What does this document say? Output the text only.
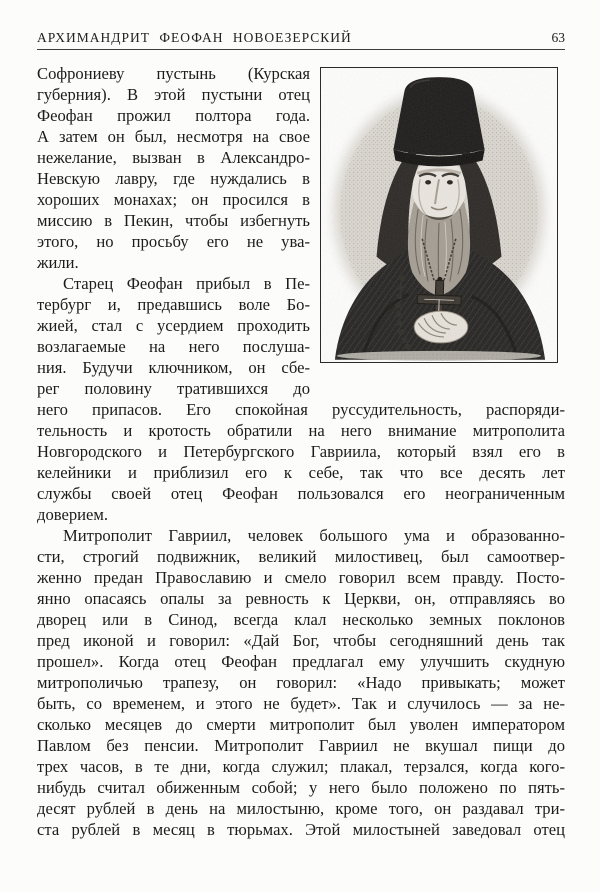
АРХИМАНДРИТ ФЕОФАН НОВОЕЗЕРСКИЙ	63
Софрониеву пустынь (Курская
губерния). В этой пустыни отец
Феофан прожил полтора года.
А затем он был, несмотря на свое
нежелание, вызван в Александро-
Невскую лавру, где нуждались в
хороших монахах; он просился в
миссию в Пекин, чтобы избегнуть
этого, но просьбу его не ува-
жили.
Старец Феофан прибыл в Пе-
тербург и, предавшись воле Бо-
жией, стал с усердием проходить
возлагаемые на него послуша-
ния. Будучи ключником, он сбе-
рег половину тратившихся до
него припасов. Его спокойная руссудительность, распоряди-
тельность и кротость обратили на него внимание митрополита
Новгородского и Петербургского Гавриила, который взял его в
келейники и приблизил его к себе, так что все десять лет
службы своей отец Феофан пользовался его неограниченным
доверием.
Митрополит Гавриил, человек большого ума и образованно-
сти, строгий подвижник, великий милостивец, был самоотвер-
женно предан Православию и смело говорил всем правду. Посто-
янно опасаясь опалы за ревность к Церкви, он, отправляясь во
дворец или в Синод, всегда клал несколько земных поклонов
пред иконой и говорил: «Дай Бог, чтобы сегодняшний день так
прошел». Когда отец Феофан предлагал ему улучшить скудную
митрополичью трапезу, он говорил: «Надо привыкать; может
быть, со временем, и этого не будет». Так и случилось — за не-
сколько месяцев до смерти митрополит был уволен императором
Павлом без пенсии. Митрополит Гавриил не вкушал пищи до
трех часов, в те дни, когда служил; плакал, терзался, когда кого-
нибудь считал обиженным собой; у него было положено по пять-
десят рублей в день на милостыню, кроме того, он раздавал три-
ста рублей в месяц в тюрьмах. Этой милостыней заведовал отец
